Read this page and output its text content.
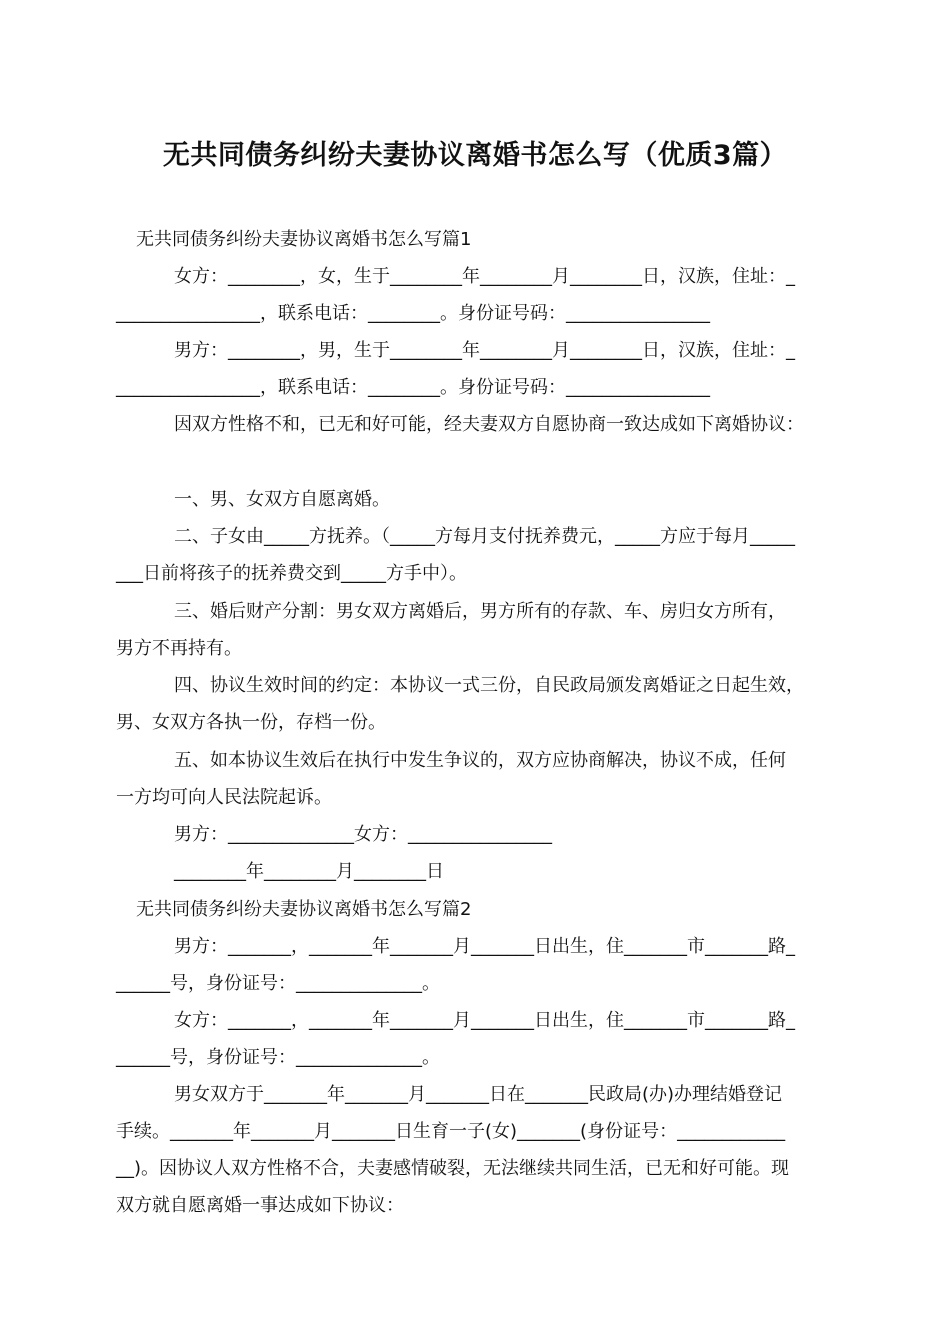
无共同债务纠纷夫妻协议离婚书怎么写（优质3篇）
无共同债务纠纷夫妻协议离婚书怎么写篇1
女方：________，女，生于________年________月________日，汉族，住址：_
________________，联系电话：________。身份证号码：________________
男方：________，男，生于________年________月________日，汉族，住址：_
________________，联系电话：________。身份证号码：________________
因双方性格不和，已无和好可能，经夫妻双方自愿协商一致达成如下离婚协议：
一、男、女双方自愿离婚。
二、子女由_____方抚养。（_____方每月支付抚养费元，_____方应于每月_____
___日前将孩子的抚养费交到_____方手中）。
三、婚后财产分割：男女双方离婚后，男方所有的存款、车、房归女方所有，
男方不再持有。
四、协议生效时间的约定：本协议一式三份，自民政局颁发离婚证之日起生效，
男、女双方各执一份，存档一份。
五、如本协议生效后在执行中发生争议的，双方应协商解决，协议不成，任何
一方均可向人民法院起诉。
男方：______________女方：________________
________年________月________日
无共同债务纠纷夫妻协议离婚书怎么写篇2
男方：_______，_______年_______月_______日出生，住_______市_______路_
______号，身份证号：______________。
女方：_______，_______年_______月_______日出生，住_______市_______路_
______号，身份证号：______________。
男女双方于_______年_______月_______日在_______民政局(办)办理结婚登记
手续。_______年_______月_______日生育一子(女)_______(身份证号：____________
__)。因协议人双方性格不合，夫妻感情破裂，无法继续共同生活，已无和好可能。现
双方就自愿离婚一事达成如下协议：
